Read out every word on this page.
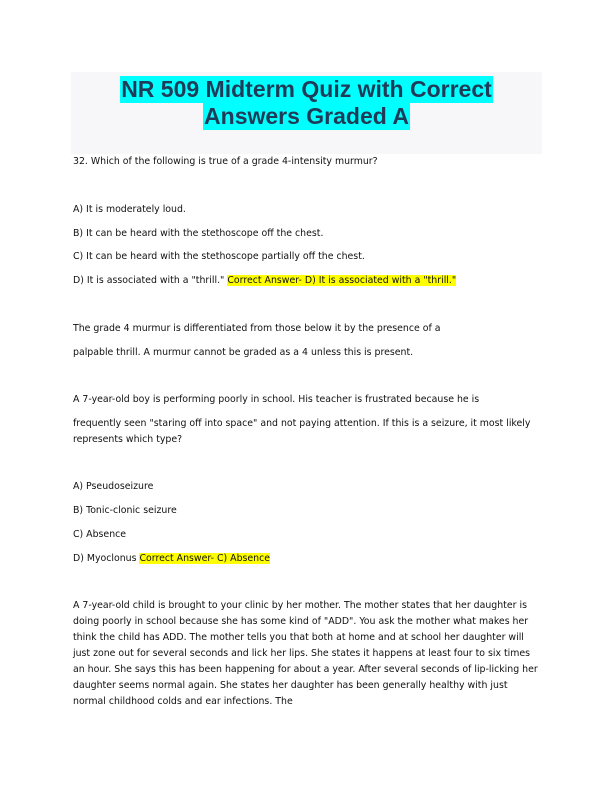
NR 509 Midterm Quiz with Correct
Answers Graded A
32. Which of the following is true of a grade 4-intensity murmur?
A) It is moderately loud.
B) It can be heard with the stethoscope off the chest.
C) It can be heard with the stethoscope partially off the chest.
D) It is associated with a "thrill." Correct Answer- D) It is associated with a "thrill."
The grade 4 murmur is differentiated from those below it by the presence of a
palpable thrill. A murmur cannot be graded as a 4 unless this is present.
A 7-year-old boy is performing poorly in school. His teacher is frustrated because he is
frequently seen "staring off into space" and not paying attention. If this is a seizure, it most likely represents which type?
A) Pseudoseizure
B) Tonic-clonic seizure
C) Absence
D) Myoclonus Correct Answer- C) Absence
A 7-year-old child is brought to your clinic by her mother. The mother states that her daughter is doing poorly in school because she has some kind of "ADD". You ask the mother what makes her think the child has ADD. The mother tells you that both at home and at school her daughter will just zone out for several seconds and lick her lips. She states it happens at least four to six times an hour. She says this has been happening for about a year. After several seconds of lip-licking her daughter seems normal again. She states her daughter has been generally healthy with just normal childhood colds and ear infections. The
